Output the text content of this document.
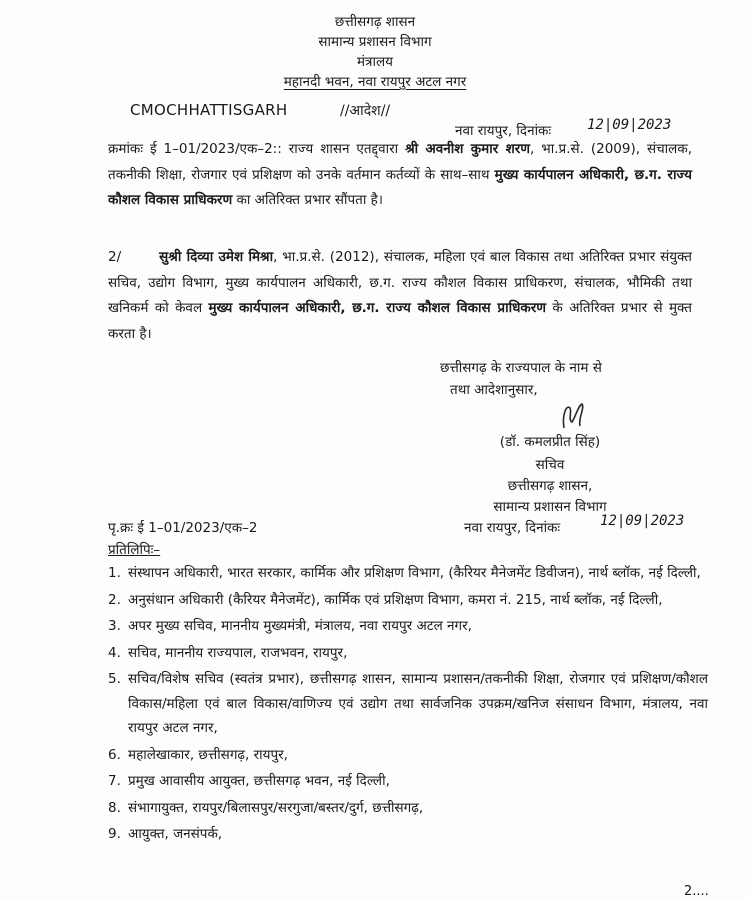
छत्तीसगढ़ शासन
सामान्य प्रशासन विभाग
मंत्रालय
महानदी भवन, नवा रायपुर अटल नगर
CMOCHHATTISGARH	//आदेश//
नवा रायपुर, दिनांकः	12|09|2023
क्रमांकः ई 1–01/2023/एक–2:: राज्य शासन एतद्द्वारा श्री अवनीश कुमार शरण, भा.प्र.से. (2009), संचालक, तकनीकी शिक्षा, रोजगार एवं प्रशिक्षण को उनके वर्तमान कर्तव्यों के साथ–साथ मुख्य कार्यपालन अधिकारी, छ.ग. राज्य कौशल विकास प्राधिकरण का अतिरिक्त प्रभार सौंपता है।
2/	सुश्री दिव्या उमेश मिश्रा, भा.प्र.से. (2012), संचालक, महिला एवं बाल विकास तथा अतिरिक्त प्रभार संयुक्त सचिव, उद्योग विभाग, मुख्य कार्यपालन अधिकारी, छ.ग. राज्य कौशल विकास प्राधिकरण, संचालक, भौमिकी तथा खनिकर्म को केवल मुख्य कार्यपालन अधिकारी, छ.ग. राज्य कौशल विकास प्राधिकरण के अतिरिक्त प्रभार से मुक्त करता है।
छत्तीसगढ़ के राज्यपाल के नाम से
तथा आदेशानुसार,
(डॉ. कमलप्रीत सिंह)
सचिव
छत्तीसगढ़ शासन,
सामान्य प्रशासन विभाग
पृ.क्रः ई 1–01/2023/एक–2	नवा रायपुर, दिनांकः	12|09|2023
प्रतिलिपिः–
1. संस्थापन अधिकारी, भारत सरकार, कार्मिक और प्रशिक्षण विभाग, (कैरियर मैनेजमेंट डिवीजन), नार्थ ब्लॉक, नई दिल्ली,
2. अनुसंधान अधिकारी (कैरियर मैनेजमेंट), कार्मिक एवं प्रशिक्षण विभाग, कमरा नं. 215, नार्थ ब्लॉक, नई दिल्ली,
3. अपर मुख्य सचिव, माननीय मुख्यमंत्री, मंत्रालय, नवा रायपुर अटल नगर,
4. सचिव, माननीय राज्यपाल, राजभवन, रायपुर,
5. सचिव/विशेष सचिव (स्वतंत्र प्रभार), छत्तीसगढ़ शासन, सामान्य प्रशासन/तकनीकी शिक्षा, रोजगार एवं प्रशिक्षण/कौशल विकास/महिला एवं बाल विकास/वाणिज्य एवं उद्योग तथा सार्वजनिक उपक्रम/खनिज संसाधन विभाग, मंत्रालय, नवा रायपुर अटल नगर,
6. महालेखाकार, छत्तीसगढ़, रायपुर,
7. प्रमुख आवासीय आयुक्त, छत्तीसगढ़ भवन, नई दिल्ली,
8. संभागायुक्त, रायपुर/बिलासपुर/सरगुजा/बस्तर/दुर्ग, छत्तीसगढ़,
9. आयुक्त, जनसंपर्क,
2....
